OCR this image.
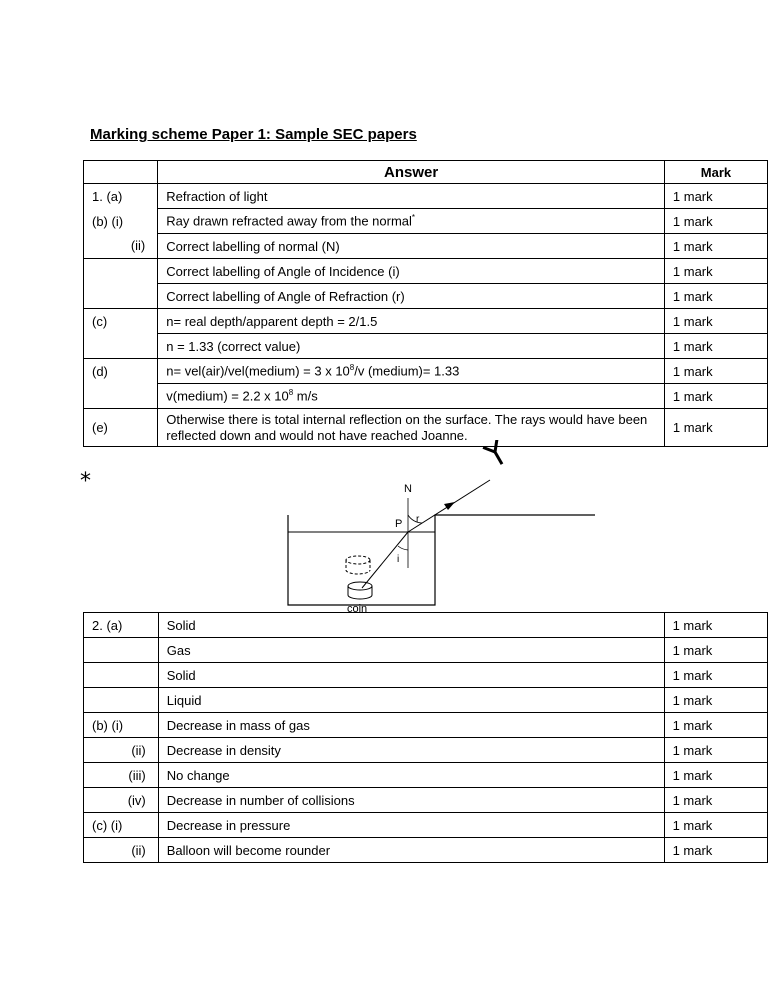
Marking scheme Paper 1: Sample SEC papers
	Answer	Mark
1. (a)	Refraction of light	1 mark
(b) (i)	Ray drawn refracted away from the normal*	1 mark
(ii)	Correct labelling of normal (N)	1 mark
	Correct labelling of Angle of Incidence (i)	1 mark
	Correct labelling of Angle of Refraction (r)	1 mark
(c)	n= real depth/apparent depth = 2/1.5	1 mark
	n = 1.33 (correct value)	1 mark
(d)	n= vel(air)/vel(medium) = 3 x $10^8/v$ (medium)= 1.33	1 mark
	v(medium) = 2.2 x $10^8$ m/s	1 mark
(e)	Otherwise there is total internal reflection on the surface. The rays would have been reflected down and would not have reached Joanne.	1 mark
*	N
P r
i
coin
2. (a)	Solid	1 mark
	Gas	1 mark
	Solid	1 mark
	Liquid	1 mark
(b) (i)	Decrease in mass of gas	1 mark
(ii)	Decrease in density	1 mark
(iii)	No change	1 mark
(iv)	Decrease in number of collisions	1 mark
(c) (i)	Decrease in pressure	1 mark
(ii)	Balloon will become rounder	1 mark
